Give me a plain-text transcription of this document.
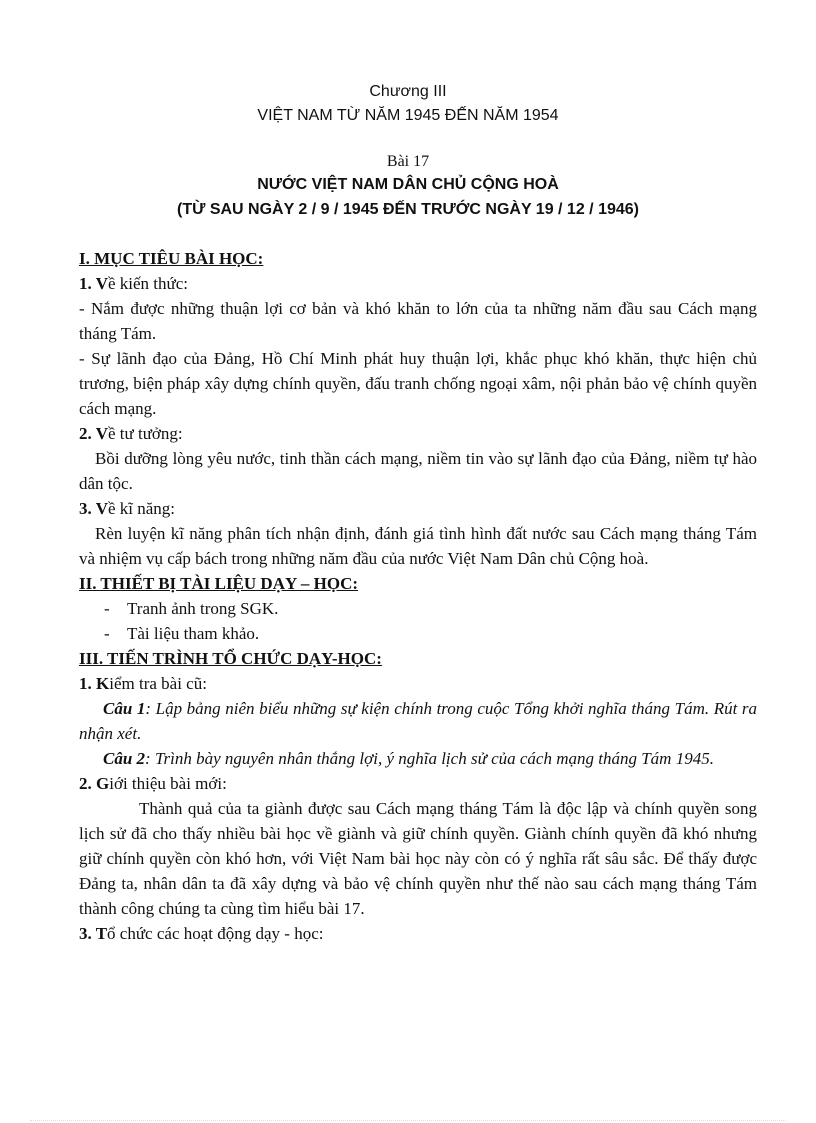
Chương III
VIỆT NAM TỪ NĂM 1945 ĐẾN NĂM 1954
Bài 17
NƯỚC VIỆT NAM DÂN CHỦ CỘNG HOÀ
(TỪ SAU NGÀY 2 / 9 / 1945 ĐẾN TRƯỚC NGÀY 19 / 12 / 1946)

I. MỤC TIÊU BÀI HỌC:

1. Về kiến thức:

- Nắm được những thuận lợi cơ bản và khó khăn to lớn của ta những năm đầu sau Cách mạng tháng Tám.

- Sự lãnh đạo của Đảng, Hồ Chí Minh phát huy thuận lợi, khắc phục khó khăn, thực hiện chủ trương, biện pháp xây dựng chính quyền, đấu tranh chống ngoại xâm, nội phản bảo vệ chính quyền cách mạng.

2. Về tư tưởng:

Bồi dưỡng lòng yêu nước, tinh thần cách mạng, niềm tin vào sự lãnh đạo của Đảng, niềm tự hào dân tộc.

3. Về kĩ năng:

Rèn luyện kĩ năng phân tích nhận định, đánh giá tình hình đất nước sau Cách mạng tháng Tám và nhiệm vụ cấp bách trong những năm đầu của nước Việt Nam Dân chủ Cộng hoà.

II. THIẾT BỊ TÀI LIỆU DẠY – HỌC:

- Tranh ảnh trong SGK.
- Tài liệu tham khảo.

III. TIẾN TRÌNH TỔ CHỨC DẠY-HỌC:

1. Kiểm tra bài cũ:

Câu 1: Lập bảng niên biểu những sự kiện chính trong cuộc Tổng khởi nghĩa tháng Tám. Rút ra nhận xét.

Câu 2: Trình bày nguyên nhân thắng lợi, ý nghĩa lịch sử của cách mạng tháng Tám 1945.

2. Giới thiệu bài mới:

Thành quả của ta giành được sau Cách mạng tháng Tám là độc lập và chính quyền song lịch sử đã cho thấy nhiều bài học về giành và giữ chính quyền. Giành chính quyền đã khó nhưng giữ chính quyền còn khó hơn, với Việt Nam bài học này còn có ý nghĩa rất sâu sắc. Để thấy được Đảng ta, nhân dân ta đã xây dựng và bảo vệ chính quyền như thế nào sau cách mạng tháng Tám thành công chúng ta cùng tìm hiểu bài 17.

3. Tổ chức các hoạt động dạy - học:
